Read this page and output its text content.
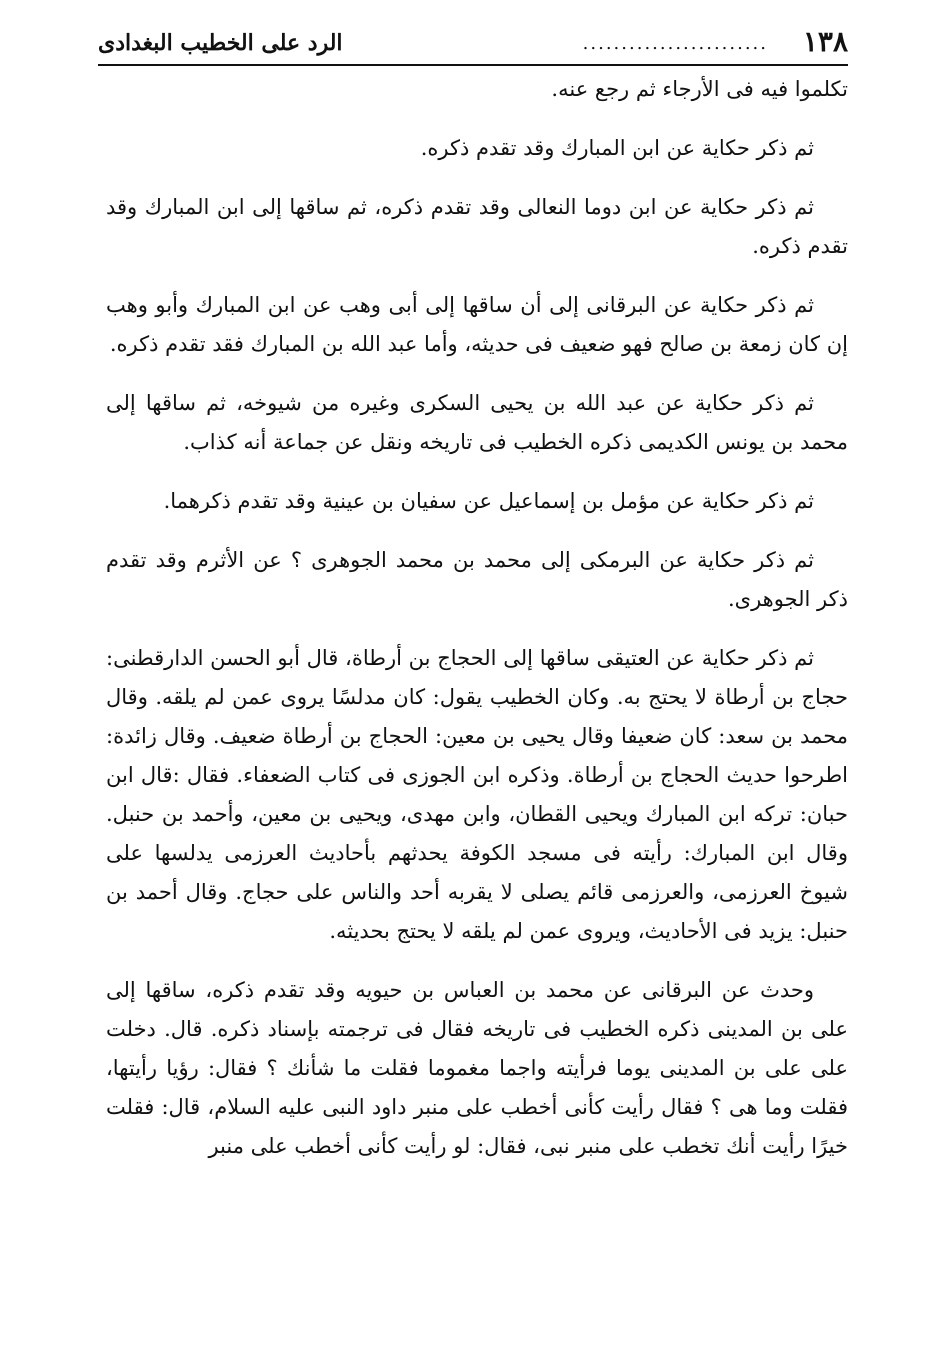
١٣٨
........................
الرد على الخطيب البغدادى

تكلموا فيه فى الأرجاء ثم رجع عنه.

ثم ذكر حكاية عن ابن المبارك وقد تقدم ذكره.

ثم ذكر حكاية عن ابن دوما النعالى وقد تقدم ذكره، ثم ساقها إلى ابن المبارك وقد تقدم ذكره.

ثم ذكر حكاية عن البرقانى إلى أن ساقها إلى أبى وهب عن ابن المبارك وأبو وهب إن كان زمعة بن صالح فهو ضعيف فى حديثه، وأما عبد الله بن المبارك فقد تقدم ذكره.

ثم ذكر حكاية عن عبد الله بن يحيى السكرى وغيره من شيوخه، ثم ساقها إلى محمد بن يونس الكديمى ذكره الخطيب فى تاريخه ونقل عن جماعة أنه كذاب.

ثم ذكر حكاية عن مؤمل بن إسماعيل عن سفيان بن عينية وقد تقدم ذكرهما.

ثم ذكر حكاية عن البرمكى إلى محمد بن محمد الجوهرى ؟ عن الأثرم وقد تقدم ذكر الجوهرى.

ثم ذكر حكاية عن العتيقى ساقها إلى الحجاج بن أرطاة، قال أبو الحسن الدارقطنى: حجاج بن أرطاة لا يحتج به. وكان الخطيب يقول: كان مدلسًا يروى عمن لم يلقه. وقال محمد بن سعد: كان ضعيفا وقال يحيى بن معين: الحجاج بن أرطاة ضعيف. وقال زائدة: اطرحوا حديث الحجاج بن أرطاة. وذكره ابن الجوزى فى كتاب الضعفاء. فقال :قال ابن حبان: تركه ابن المبارك ويحيى القطان، وابن مهدى، ويحيى بن معين، وأحمد بن حنبل. وقال ابن المبارك: رأيته فى مسجد الكوفة يحدثهم بأحاديث العرزمى يدلسها على شيوخ العرزمى، والعرزمى قائم يصلى لا يقربه أحد والناس على حجاج. وقال أحمد بن حنبل: يزيد فى الأحاديث، ويروى عمن لم يلقه لا يحتج بحديثه.

وحدث عن البرقانى عن محمد بن العباس بن حيويه وقد تقدم ذكره، ساقها إلى على بن المدينى ذكره الخطيب فى تاريخه فقال فى ترجمته بإسناد ذكره. قال. دخلت على على بن المدينى يوما فرأيته واجما مغموما فقلت ما شأنك ؟ فقال: رؤيا رأيتها، فقلت وما هى ؟ فقال رأيت كأنى أخطب على منبر داود النبى عليه السلام، قال: فقلت خيرًا رأيت أنك تخطب على منبر نبى، فقال: لو رأيت كأنى أخطب على منبر
